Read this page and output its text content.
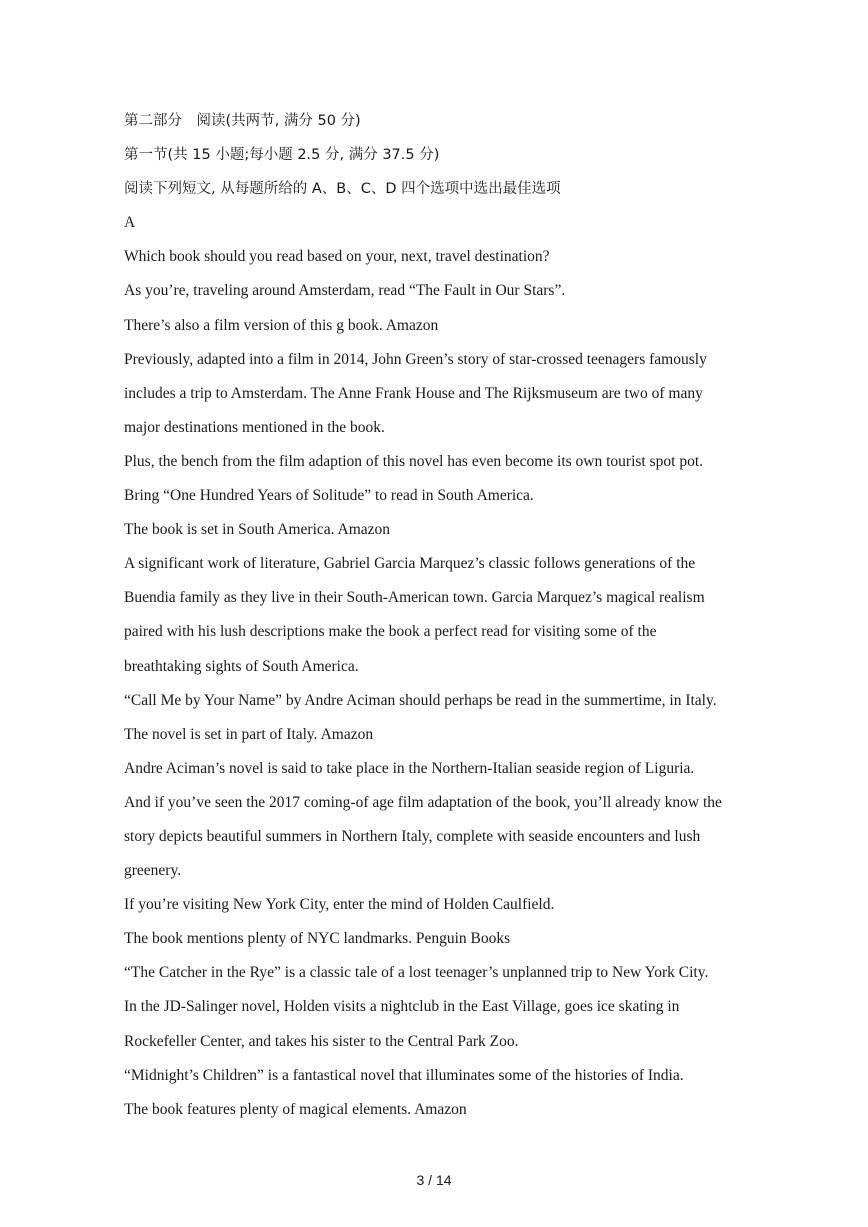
第二部分　阅读(共两节, 满分 50 分)
第一节(共 15 小题;每小题 2.5 分, 满分 37.5 分)
阅读下列短文, 从每题所给的 A、B、C、D 四个选项中选出最佳选项
A
Which book should you read based on your, next, travel destination?
As you’re, traveling around Amsterdam, read “The Fault in Our Stars”.
There’s also a film version of this g book. Amazon
Previously, adapted into a film in 2014, John Green’s story of star-crossed teenagers famously
includes a trip to Amsterdam. The Anne Frank House and The Rijksmuseum are two of many
major destinations mentioned in the book.
Plus, the bench from the film adaption of this novel has even become its own tourist spot pot.
Bring “One Hundred Years of Solitude” to read in South America.
The book is set in South America. Amazon
A significant work of literature, Gabriel Garcia Marquez’s classic follows generations of the
Buendia family as they live in their South-American town. Garcia Marquez’s magical realism
paired with his lush descriptions make the book a perfect read for visiting some of the
breathtaking sights of South America.
“Call Me by Your Name” by Andre Aciman should perhaps be read in the summertime, in Italy.
The novel is set in part of Italy. Amazon
Andre Aciman’s novel is said to take place in the Northern-Italian seaside region of Liguria.
And if you’ve seen the 2017 coming-of age film adaptation of the book, you’ll already know the
story depicts beautiful summers in Northern Italy, complete with seaside encounters and lush
greenery.
If you’re visiting New York City, enter the mind of Holden Caulfield.
The book mentions plenty of NYC landmarks. Penguin Books
“The Catcher in the Rye” is a classic tale of a lost teenager’s unplanned trip to New York City.
In the JD-Salinger novel, Holden visits a nightclub in the East Village, goes ice skating in
Rockefeller Center, and takes his sister to the Central Park Zoo.
“Midnight’s Children” is a fantastical novel that illuminates some of the histories of India.
The book features plenty of magical elements. Amazon
3 / 14
